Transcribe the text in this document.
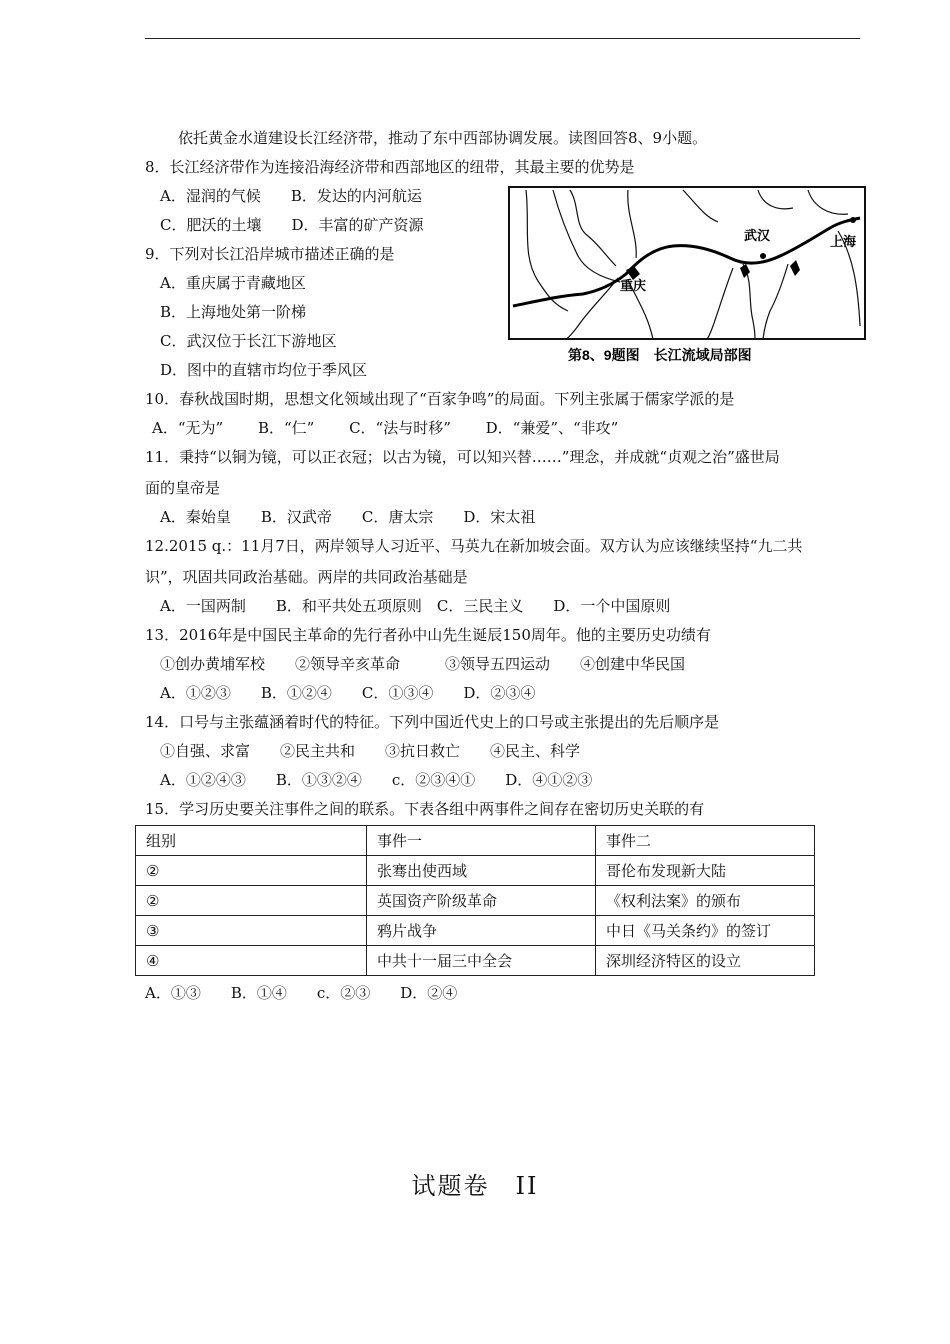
依托黄金水道建设长江经济带，推动了东中西部协调发展。读图回答8、9小题。
8．长江经济带作为连接沿海经济带和西部地区的纽带，其最主要的优势是
A．湿润的气候　　B．发达的内河航运
C．肥沃的土壤　　D．丰富的矿产资源
9．下列对长江沿岸城市描述正确的是
A．重庆属于青藏地区
B．上海地处第一阶梯
C．武汉位于长江下游地区
D．图中的直辖市均位于季风区
武汉	上海
重庆
第8、9题图　长江流域局部图
10．春秋战国时期，思想文化领域出现了“百家争鸣”的局面。下列主张属于儒家学派的是
A．“无为”　　 B．“仁”　　 C．“法与时移”　　 D．“兼爱”、“非攻”
11．秉持“以铜为镜，可以正衣冠；以古为镜，可以知兴替……”理念，并成就“贞观之治”盛世局
面的皇帝是
A．秦始皇　　B．汉武帝　　C．唐太宗　　D．宋太祖
12.2015 q.：11月7日，两岸领导人习近平、马英九在新加坡会面。双方认为应该继续坚持“九二共
识”，巩固共同政治基础。两岸的共同政治基础是
A．一国两制　　B．和平共处五项原则　C．三民主义　　D．一个中国原则
13．2016年是中国民主革命的先行者孙中山先生诞辰150周年。他的主要历史功绩有
①创办黄埔军校　　②领导辛亥革命　　　③领导五四运动　　④创建中华民国
A．①②③　　B．①②④　　C．①③④　　D．②③④
14．口号与主张蕴涵着时代的特征。下列中国近代史上的口号或主张提出的先后顺序是
①自强、求富　　②民主共和　　③抗日救亡　　④民主、科学
A．①②④③　　B．①③②④　　c．②③④①　　D．④①②③
15．学习历史要关注事件之间的联系。下表各组中两事件之间存在密切历史关联的有
组别	事件一	事件二
②	张骞出使西域	哥伦布发现新大陆
②	英国资产阶级革命	《权利法案》的颁布
③	鸦片战争	中日《马关条约》的签订
④	中共十一届三中全会	深圳经济特区的设立
A．①③　　B．①④　　c．②③　　D．②④
试题卷　II
